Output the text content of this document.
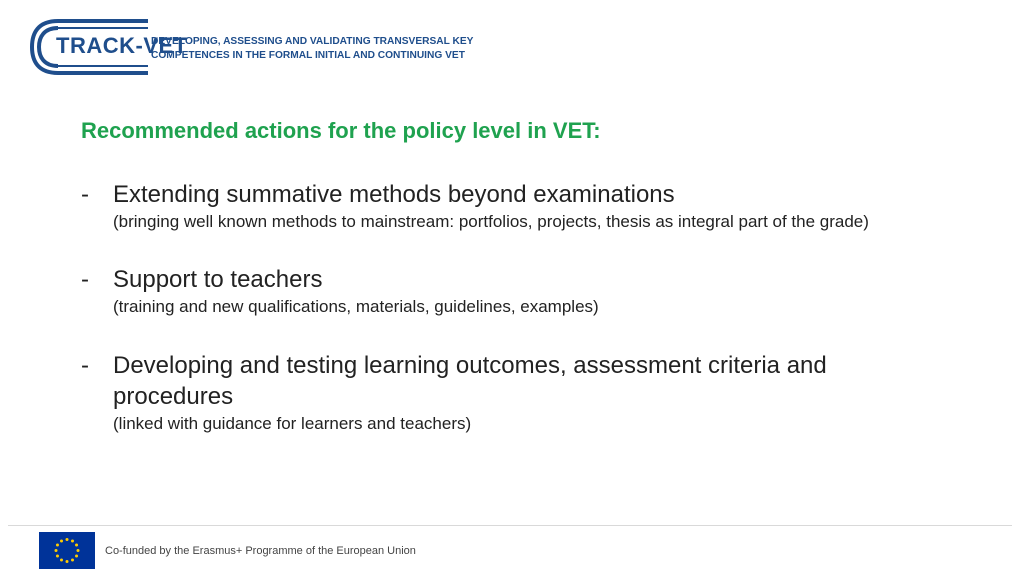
TRACK-VET
DEVELOPING, ASSESSING AND VALIDATING TRANSVERSAL KEY
COMPETENCES IN THE FORMAL INITIAL AND CONTINUING VET
Recommended actions for the policy level in VET:
- Extending summative methods beyond examinations
(bringing well known methods to mainstream: portfolios, projects, thesis as integral part of the grade)
- Support to teachers
(training and new qualifications, materials, guidelines, examples)
- Developing and testing learning outcomes, assessment criteria and procedures
(linked with guidance for learners and teachers)
Co-funded by the Erasmus+ Programme of the European Union
